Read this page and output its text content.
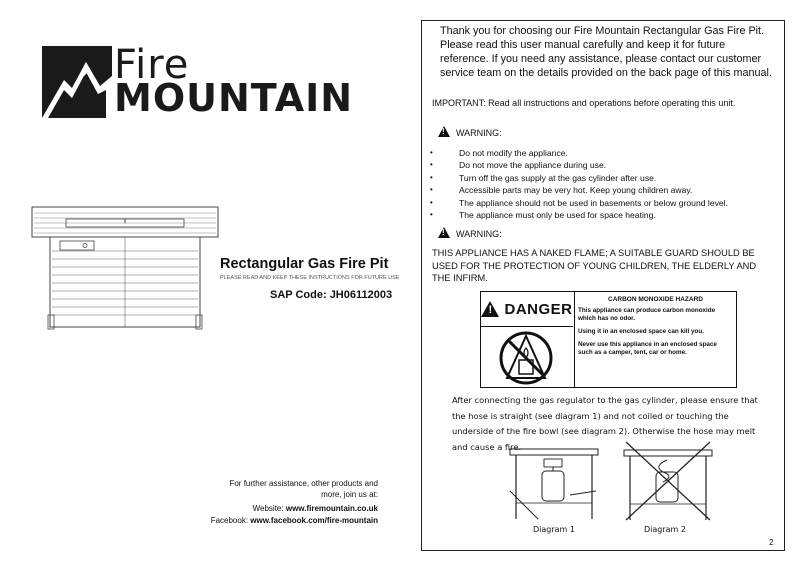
Fire
MOUNTAIN
Rectangular Gas Fire Pit
PLEASE READ AND KEEP THESE INSTRUCTIONS FOR FUTURE USE
SAP Code: JH06112003
For further assistance, other products and more, join us at:
Website: www.firemountain.co.uk
Facebook: www.facebook.com/fire-mountain
Thank you for choosing our Fire Mountain Rectangular Gas Fire Pit. Please read this user manual carefully and keep it for future reference. If you need any assistance, please contact our customer service team on the details provided on the back page of this manual.
IMPORTANT: Read all instructions and operations before operating this unit.
!WARNING:
• Do not modify the appliance.
• Do not move the appliance during use.
• Turn off the gas supply at the gas cylinder after use.
• Accessible parts may be very hot. Keep young children away.
• The appliance should not be used in basements or below ground level.
• The appliance must only be used for space heating.
!WARNING:
THIS APPLIANCE HAS A NAKED FLAME; A SUITABLE GUARD SHOULD BE USED FOR THE PROTECTION OF YOUNG CHILDREN, THE ELDERLY AND THE INFIRM.
!
DANGER
CARBON MONOXIDE HAZARD

This appliance can produce carbon monoxide which has no odor.

Using it in an enclosed space can kill you.

Never use this appliance in an enclosed space such as a camper, tent, car or home.

After connecting the gas regulator to the gas cylinder, please ensure that the hose is straight (see diagram 1) and not coiled or touching the underside of the fire bowl (see diagram 2). Otherwise the hose may melt and cause a fire.
Diagram 1	Diagram 2
2
